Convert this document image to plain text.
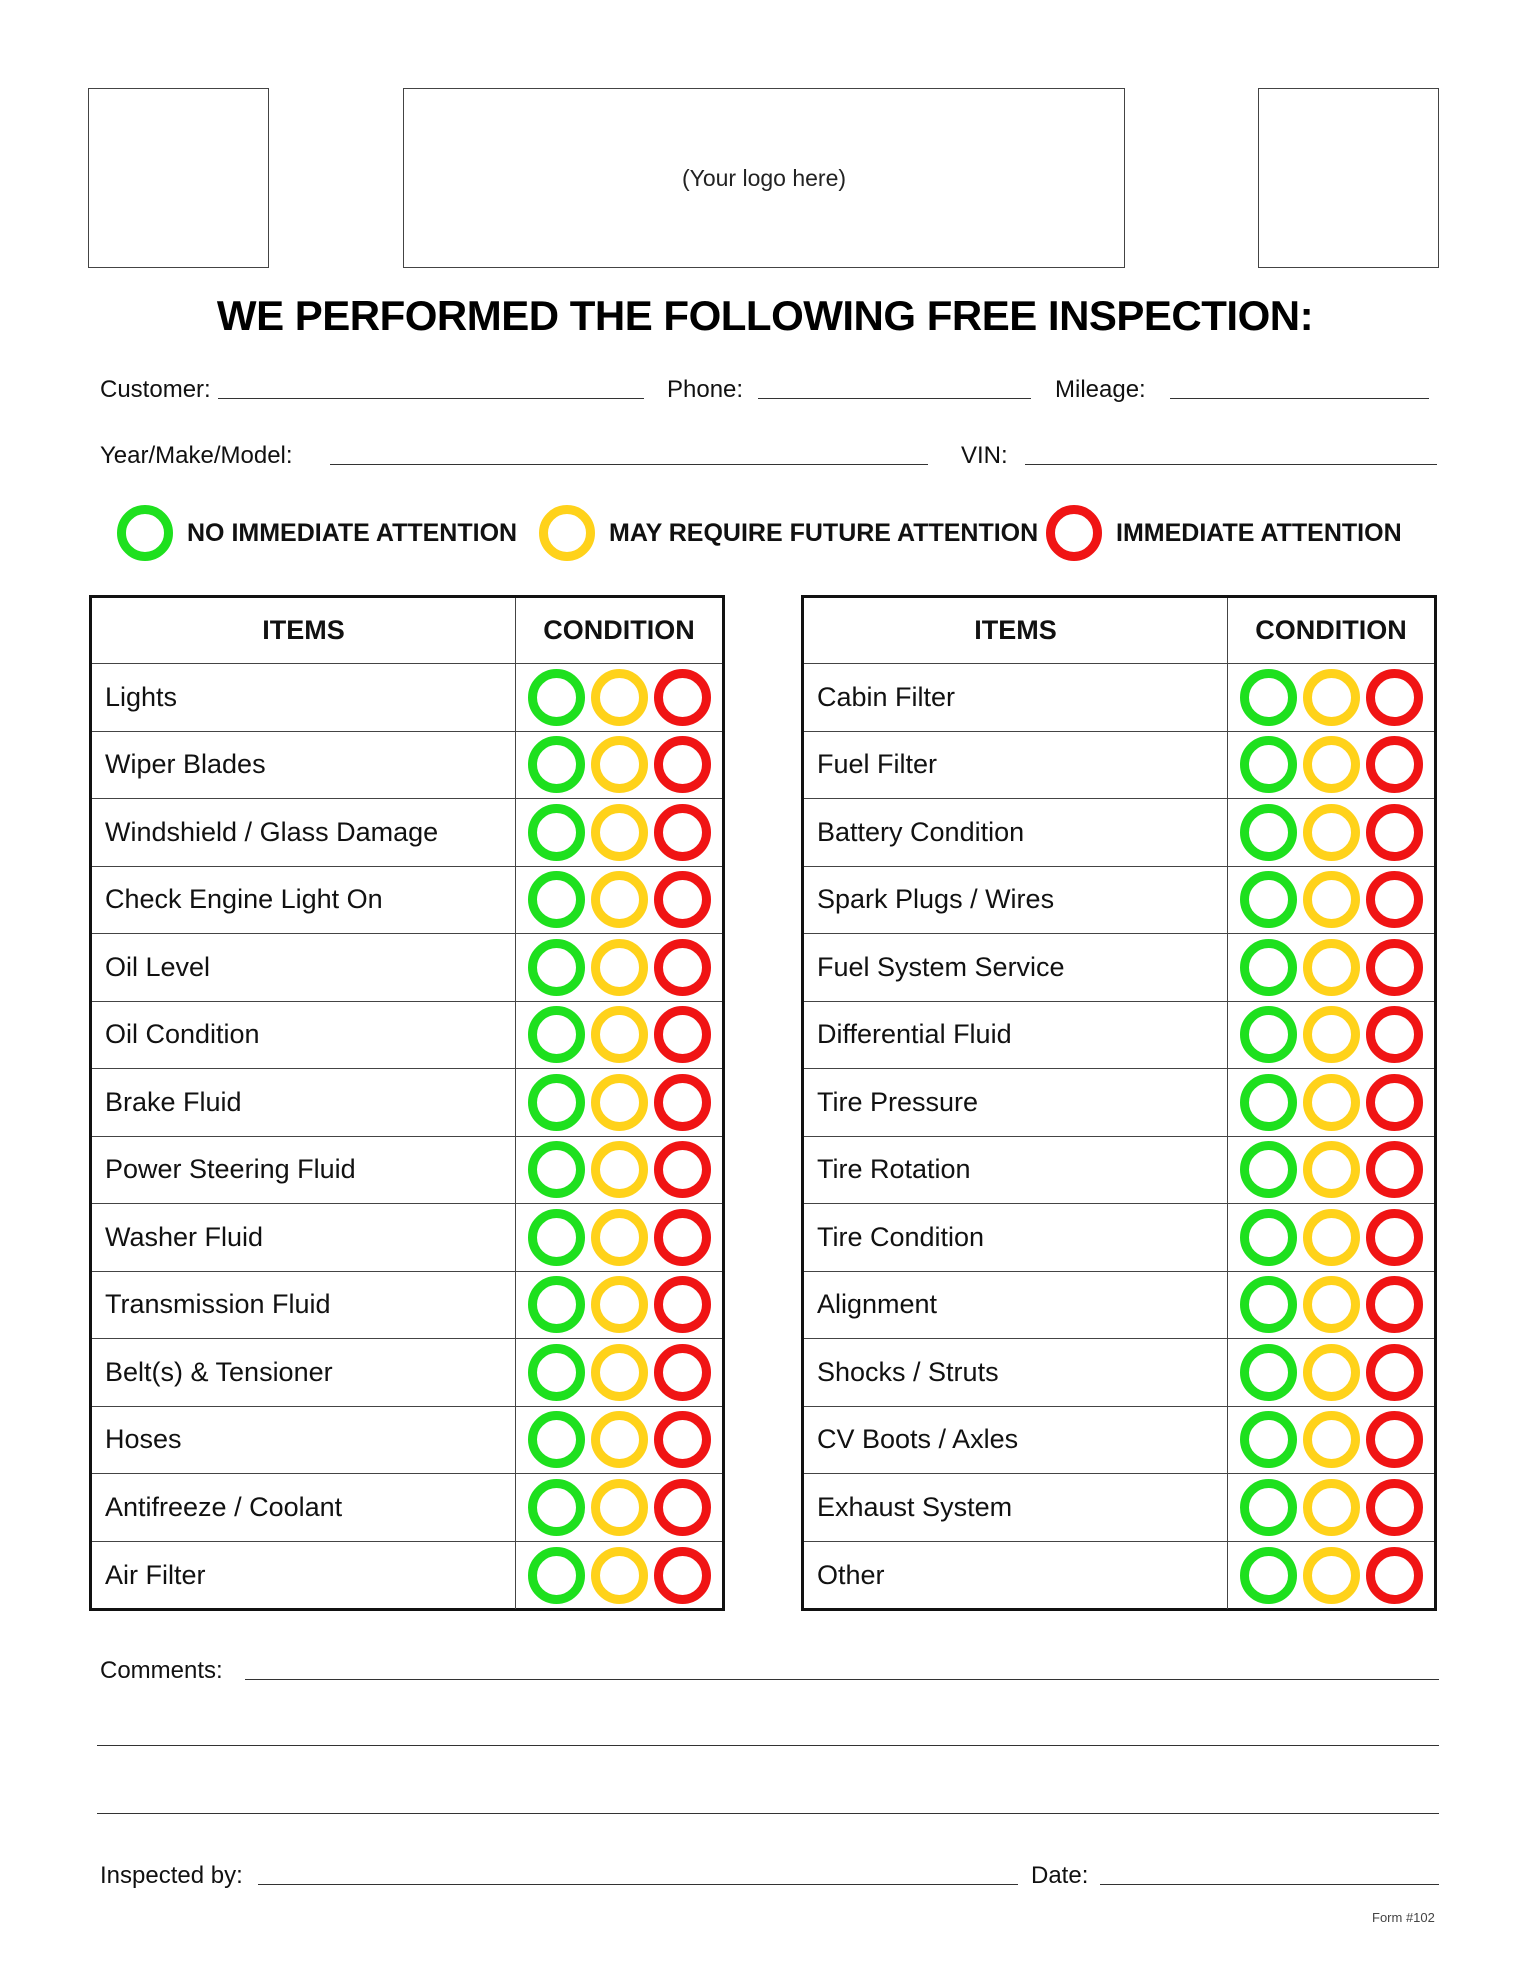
(Your logo here)
WE PERFORMED THE FOLLOWING FREE INSPECTION:
Customer:	Phone:	Mileage:
Year/Make/Model:	VIN:
NO IMMEDIATE ATTENTION	MAY REQUIRE FUTURE ATTENTION	IMMEDIATE ATTENTION
ITEMS	CONDITION
Lights
Wiper Blades
Windshield / Glass Damage
Check Engine Light On
Oil Level
Oil Condition
Brake Fluid
Power Steering Fluid
Washer Fluid
Transmission Fluid
Belt(s) & Tensioner
Hoses
Antifreeze / Coolant
Air Filter
ITEMS	CONDITION
Cabin Filter
Fuel Filter
Battery Condition
Spark Plugs / Wires
Fuel System Service
Differential Fluid
Tire Pressure
Tire Rotation
Tire Condition
Alignment
Shocks / Struts
CV Boots / Axles
Exhaust System
Other
Comments:
Inspected by:	Date:
Form #102
